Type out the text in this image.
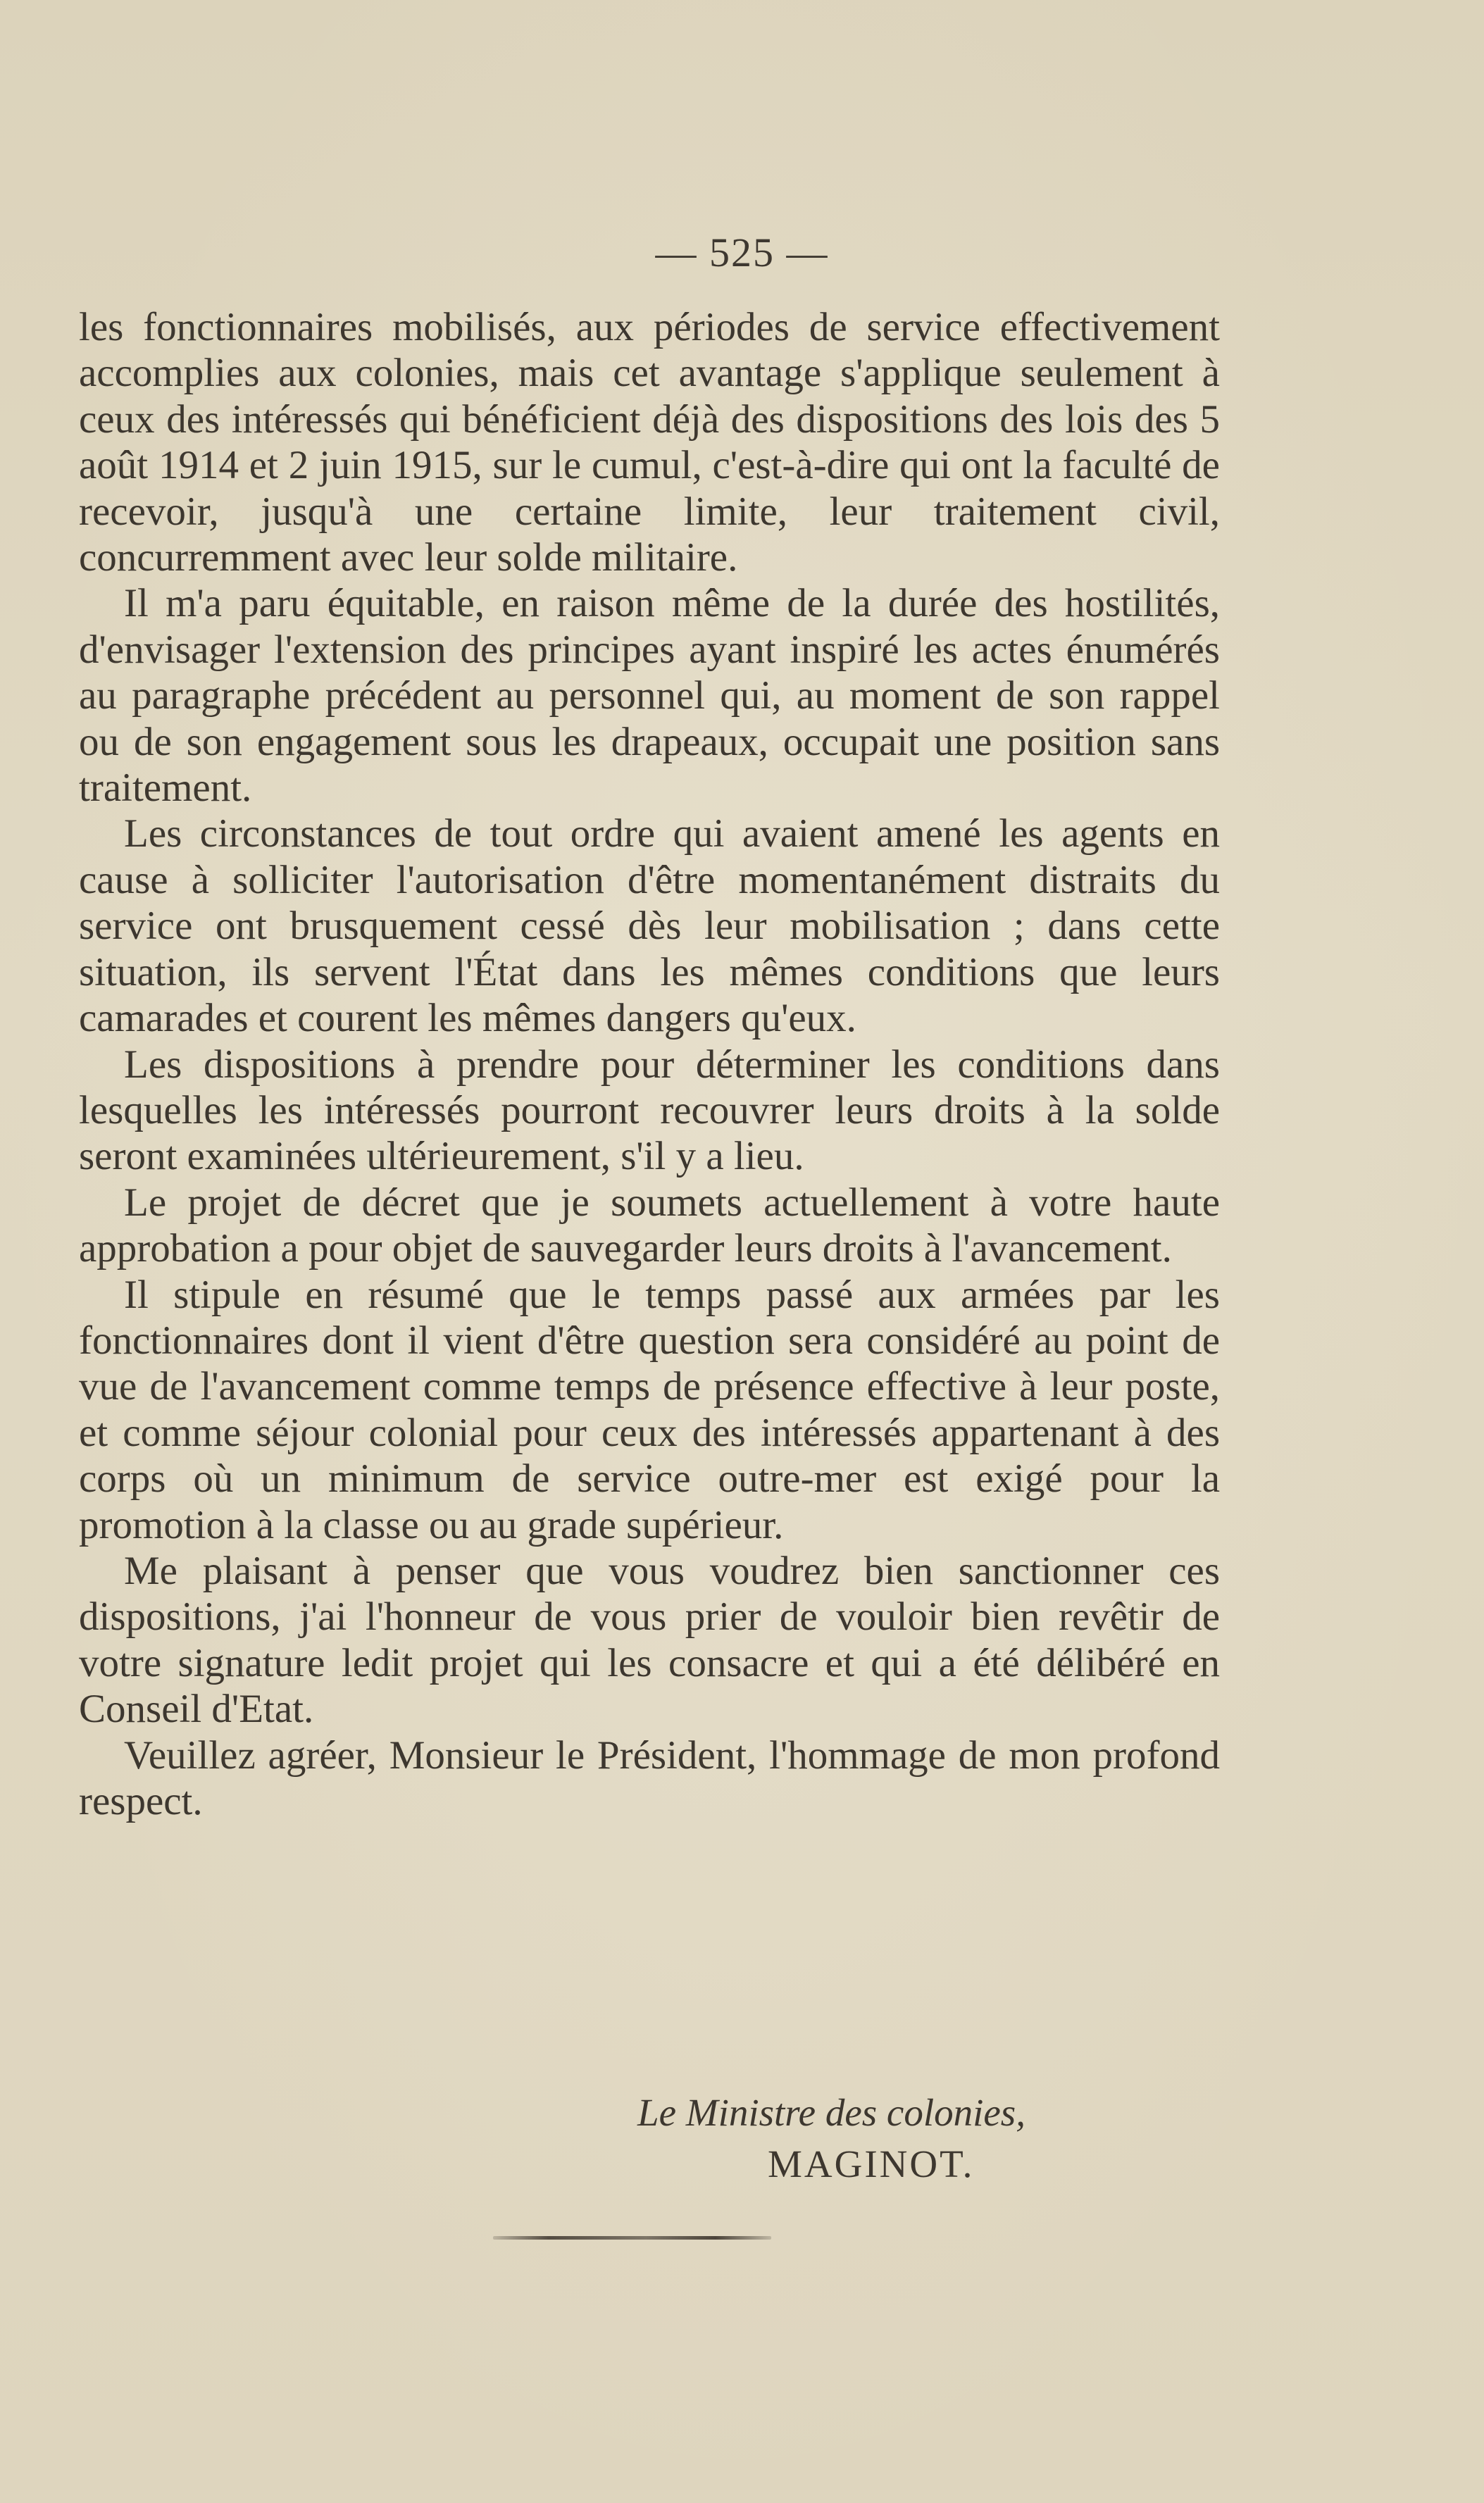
— 525 —

les fonctionnaires mobilisés, aux périodes de service effectivement accomplies aux colonies, mais cet avantage s'applique seulement à ceux des intéressés qui bénéficient déjà des dispositions des lois des 5 août 1914 et 2 juin 1915, sur le cumul, c'est-à-dire qui ont la faculté de recevoir, jusqu'à une certaine limite, leur traitement civil, concurremment avec leur solde militaire.

Il m'a paru équitable, en raison même de la durée des hostilités, d'envisager l'extension des principes ayant inspiré les actes énumérés au paragraphe précédent au personnel qui, au moment de son rappel ou de son engagement sous les drapeaux, occupait une position sans traitement.

Les circonstances de tout ordre qui avaient amené les agents en cause à solliciter l'autorisation d'être momentanément distraits du service ont brusquement cessé dès leur mobilisation ; dans cette situation, ils servent l'État dans les mêmes conditions que leurs camarades et courent les mêmes dangers qu'eux.

Les dispositions à prendre pour déterminer les conditions dans lesquelles les intéressés pourront recouvrer leurs droits à la solde seront examinées ultérieurement, s'il y a lieu.

Le projet de décret que je soumets actuellement à votre haute approbation a pour objet de sauvegarder leurs droits à l'avancement.

Il stipule en résumé que le temps passé aux armées par les fonctionnaires dont il vient d'être question sera considéré au point de vue de l'avancement comme temps de présence effective à leur poste, et comme séjour colonial pour ceux des intéressés appartenant à des corps où un minimum de service outre-mer est exigé pour la promotion à la classe ou au grade supérieur.

Me plaisant à penser que vous voudrez bien sanctionner ces dispositions, j'ai l'honneur de vous prier de vouloir bien revêtir de votre signature ledit projet qui les consacre et qui a été délibéré en Conseil d'Etat.

Veuillez agréer, Monsieur le Président, l'hommage de mon profond respect.

Le Ministre des colonies,
MAGINOT.
